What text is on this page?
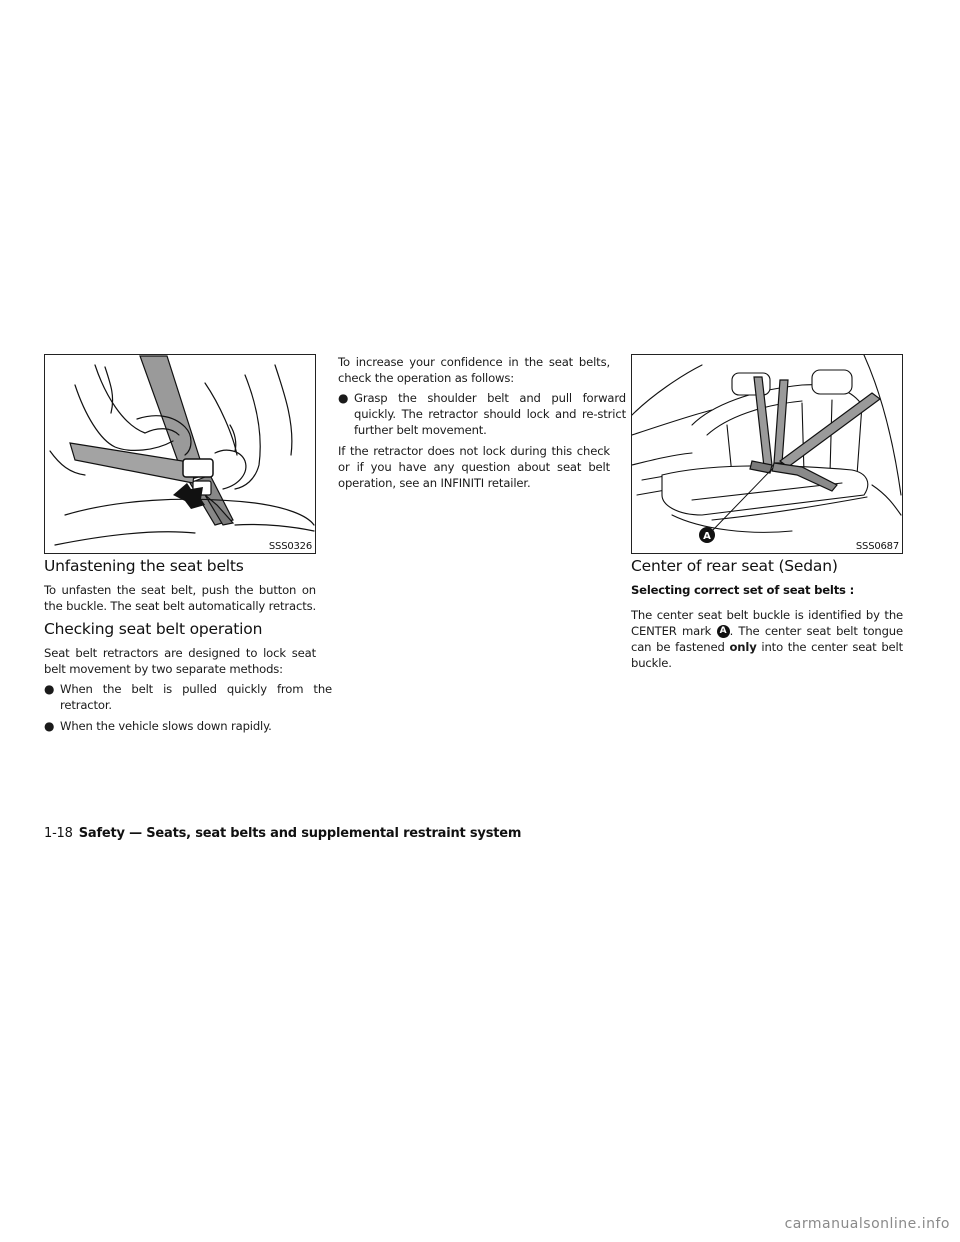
SSS0326
A
SSS0687
Unfastening the seat belts

To unfasten the seat belt, push the button on the buckle. The seat belt automatically retracts.

Checking seat belt operation

Seat belt retractors are designed to lock seat belt movement by two separate methods:

● When the belt is pulled quickly from the retractor.

● When the vehicle slows down rapidly.

To increase your confidence in the seat belts, check the operation as follows:

● Grasp the shoulder belt and pull forward quickly. The retractor should lock and re-strict further belt movement.

If the retractor does not lock during this check or if you have any question about seat belt operation, see an INFINITI retailer.

Center of rear seat (Sedan)

Selecting correct set of seat belts :

The center seat belt buckle is identified by the CENTER mark A . The center seat belt tongue can be fastened only into the center seat belt buckle.

1-18 Safety — Seats, seat belts and supplemental restraint system
carmanualsonline.info
